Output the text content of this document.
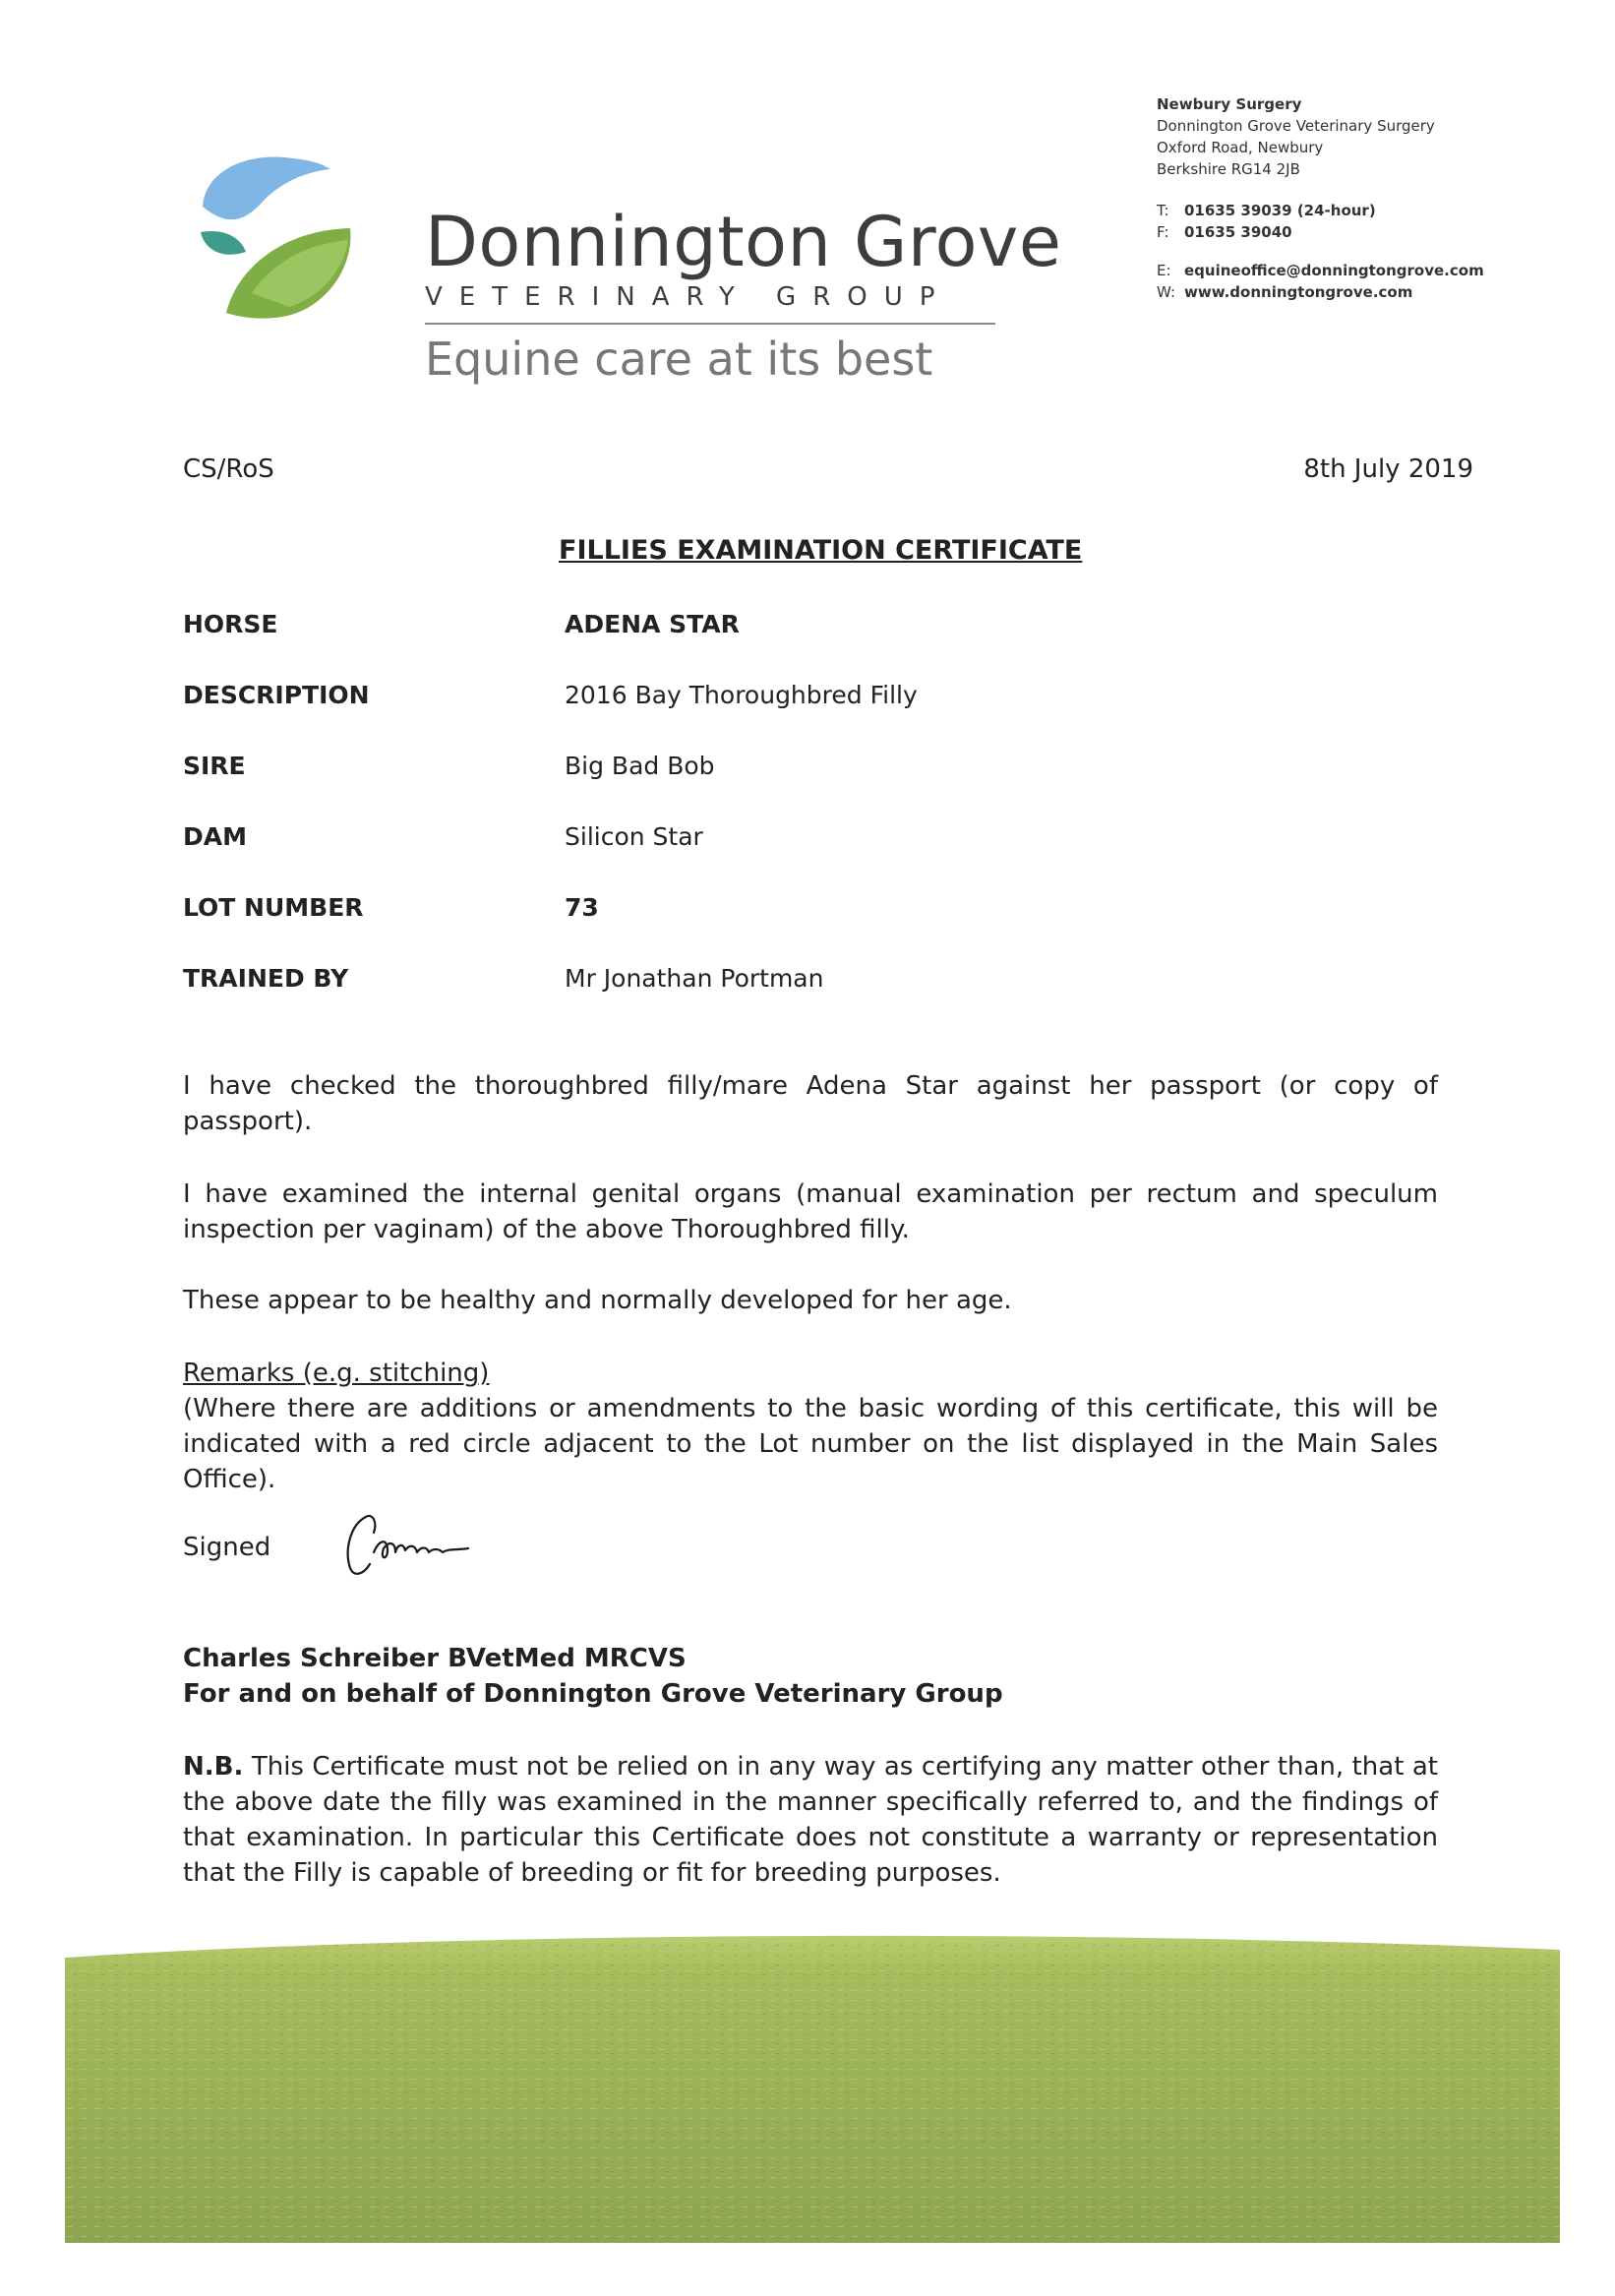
Donnington Grove
VETERINARY GROUP
Equine care at its best
Newbury Surgery
Donnington Grove Veterinary Surgery
Oxford Road, Newbury
Berkshire RG14 2JB
T: 01635 39039 (24-hour)
F: 01635 39040
E: equineoffice@donningtongrove.com
W: www.donningtongrove.com
CS/RoS	8th July 2019
FILLIES EXAMINATION CERTIFICATE
HORSE	ADENA STAR
DESCRIPTION	2016 Bay Thoroughbred Filly
SIRE	Big Bad Bob
DAM	Silicon Star
LOT NUMBER	73
TRAINED BY	Mr Jonathan Portman
I have checked the thoroughbred filly/mare Adena Star against her passport (or copy of passport).
I have examined the internal genital organs (manual examination per rectum and speculum inspection per vaginam) of the above Thoroughbred filly.
These appear to be healthy and normally developed for her age.
Remarks (e.g. stitching)
(Where there are additions or amendments to the basic wording of this certificate, this will be indicated with a red circle adjacent to the Lot number on the list displayed in the Main Sales Office).
Signed
Charles Schreiber BVetMed MRCVS
For and on behalf of Donnington Grove Veterinary Group
N.B. This Certificate must not be relied on in any way as certifying any matter other than, that at the above date the filly was examined in the manner specifically referred to, and the findings of that examination. In particular this Certificate does not constitute a warranty or representation that the Filly is capable of breeding or fit for breeding purposes.
